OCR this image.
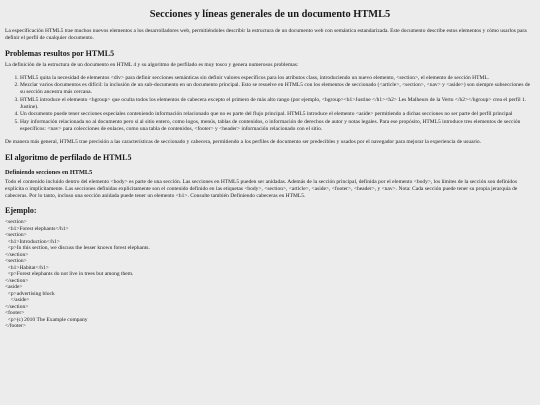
Secciones y líneas generales de un documento HTML5

La especificación HTML5 trae muchos nuevos elementos a los desarrolladores web, permitiéndoles describir la estructura de un documento web con semántica estandarizada. Este documento describe estos elementos y cómo usarlos para definir el perfil de cualquier documento.

Problemas resultos por HTML5

La definición de la estructura de un documento en HTML 4 y su algoritmo de perfilado es muy tosco y genera numerosos problemas:

1. HTML5 quita la necesidad de elementos <div> para definir secciones semánticas sin definir valores específicos para los atributos class, introduciendo un nuevo elemento, <section>, el elemento de sección HTML.
2. Mezclar varios documentos es difícil: la inclusión de un sub-documento en un documento principal. Esto se resuelve en HTML5 con los elementos de seccionado (<article>, <section>, <nav> y <aside>) son siempre subsecciones de su sección ancestra más cercana.
3. HTML5 introduce el elemento <hgroup> que oculta todos los elementos de cabecera excepto el primero de más alto rango (por ejemplo, <hgroup><h1>Justine </h1><h2> Les Malheurs de la Vertu </h2></hgroup> crea el perfil 1. Justine).
4. Un documento puede tener secciones especiales conteniendo información relacionado que no es parte del flujo principal. HTML5 introduce el elemento <aside> permitiendo a dichas secciones no ser parte del perfil principal
5. Hay información relacionada no al documento pero si al sitio entero, como logos, menús, tablas de contenidos, o información de derechos de autor y notas legales. Para ese propósito, HTML5 introduce tres elementos de sección específicos: <nav> para colecciones de enlaces, como una tabla de contenidos, <footer> y <header> información relacionado con el sitio.

De manera más general, HTML5 trae precisión a las características de seccionado y cabecera, permitiendo a los perfiles de documento ser predecibles y usados por el navegador para mejorar la experiencia de usuario.

El algoritmo de perfilado de HTML5
Definiendo secciones en HTML5

Todo el contenido incluido dentro del elemento <body> es parte de una sección. Las secciones en HTML5 pueden ser anidadas. Además de la sección principal, definida por el elemento <body>, los límites de la sección son definidos explícita o implícitamente. Las secciones definidas explícitamente son el contenido definido en las etiquetas <body>, <section>, <article>, <aside>, <footer>, <header>, y <nav>. Nota: Cada sección puede tener su propia jerarquía de cabeceras. Por lo tanto, incluso una sección anidada puede tener un elemento <h1>. Consulte también Definiendo cabeceras en HTML5.

Ejemplo:
<section>
<h1>Forest elephants</h1>
<section>
<h1>Introduction</h1>
<p>In this section, we discuss the lesser known forest elephants.
</section>
<section>
<h1>Habitat</h1>
<p>Forest elephants do not live in trees but among them.
</section>
<aside>
<p>advertising block
</aside>
</section>
<footer>
<p>(c) 2010 The Example company
</footer>
